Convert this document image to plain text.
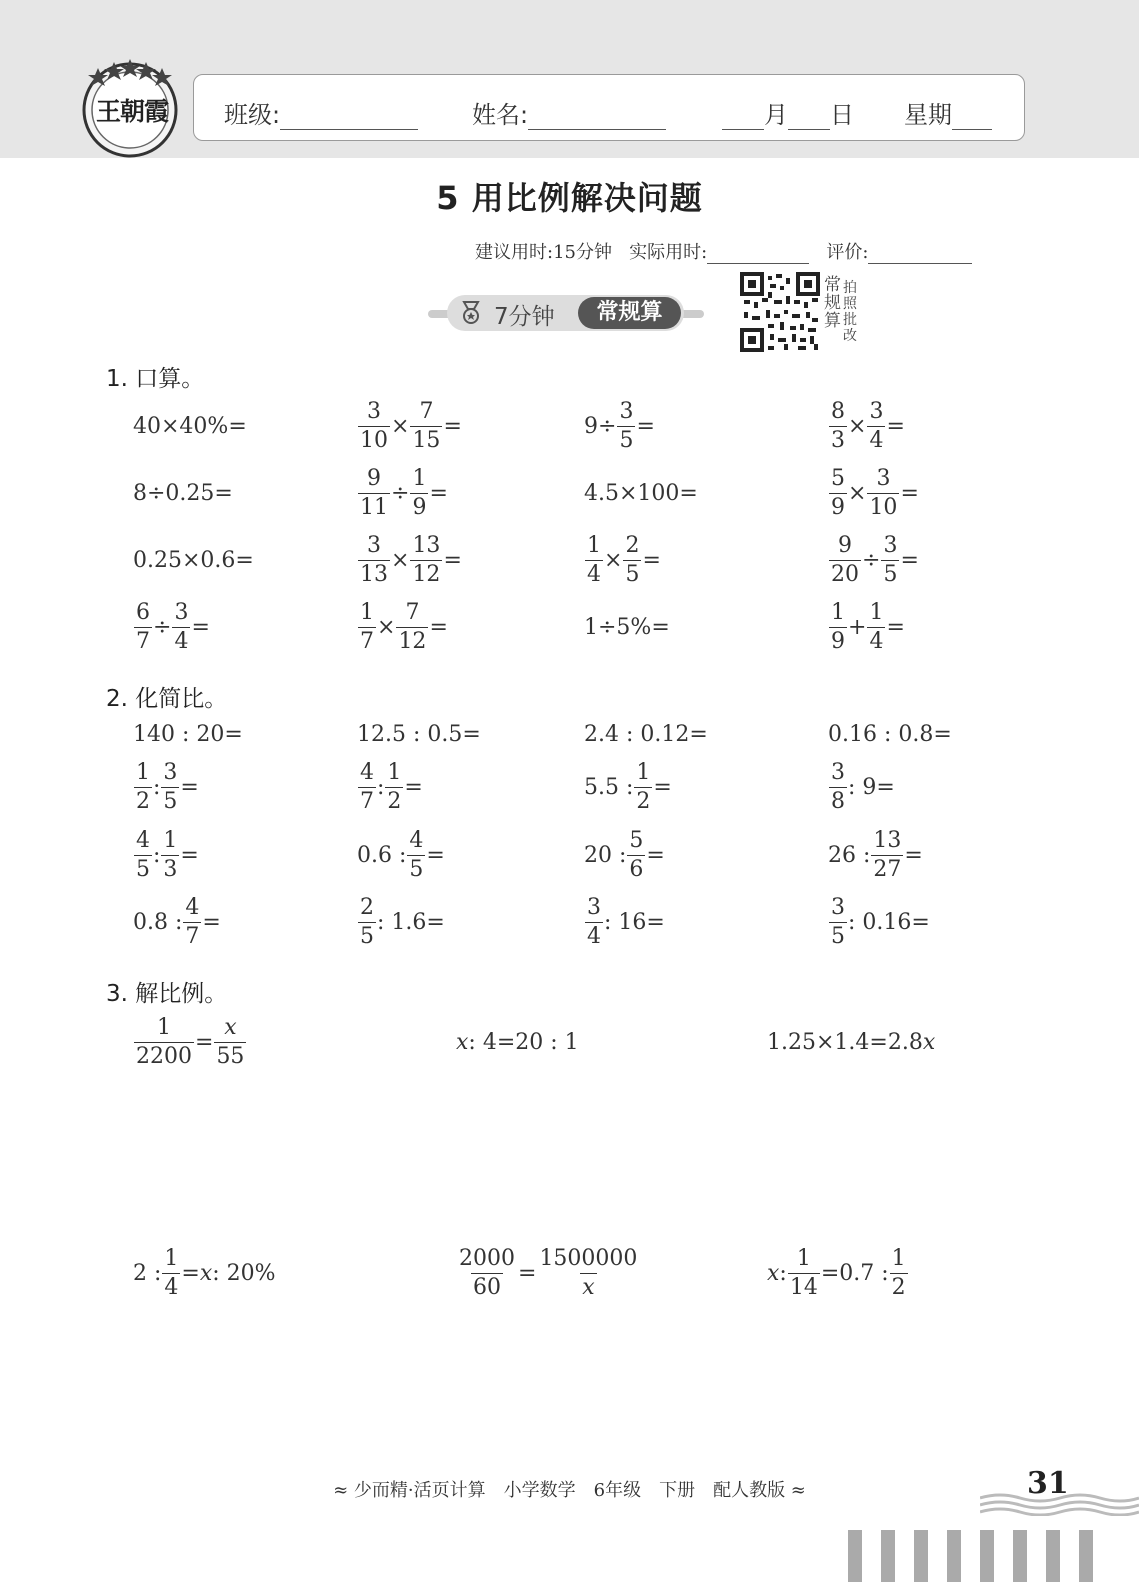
王朝霞 班级:	姓名:	月 日 星期
5 用比例解决问题
建议用时:15分钟 实际用时:	评价:
7分钟	常规算
常规算
拍照批改
1. 口算。
40×40%=	$\frac{3}{10} \times \frac{7}{15}$ =	$9\div \frac{3}{5}$ =	$\frac{8}{3} \times \frac{3}{4}$ =
8÷0.25=	$\frac{9}{11} \div \frac{1}{9}$ =	4.5×100=	$\frac{5}{9} \times \frac{3}{10}$ =
0.25×0.6=	$\frac{3}{13} \times \frac{13}{12}$ =	$\frac{1}{4} \times \frac{2}{5}$ =	$\frac{9}{20} \div \frac{3}{5}$ =
$\frac{6}{7} \div \frac{3}{4}$ =	$\frac{1}{7} \times \frac{7}{12}$ =	1÷5%=	$\frac{1}{9} + \frac{1}{4}$ =
2. 化简比。
140 : 20=	12.5 : 0.5=	2.4 : 0.12=	0.16 : 0.8=
$\frac{1}{2}$ : $\frac{3}{5}$ =	$\frac{4}{7}$ : $\frac{1}{2}$ =	5.5 : $\frac{1}{2}$ =	$\frac{3}{8}$ : 9=
$\frac{4}{5}$ : $\frac{1}{3}$ =	0.6 : $\frac{4}{5}$ =	20 : $\frac{5}{6}$ =	26 : $\frac{13}{27}$ =
0.8 : $\frac{4}{7}$ =	$\frac{2}{5}$ : 1.6=	$\frac{3}{4}$ : 16=	$\frac{3}{5}$ : 0.16=
3. 解比例。
$\frac{1}{2200} = \frac{x}{55}$	x : 4=20 : 1	1.25×1.4=2.8 x
2 : $\frac{1}{4} = x$ : 20%	$\frac{2000}{60} = \frac{1500000}{x}$	x : $\frac{1}{14} =0.7$ : $\frac{1}{2}$
≈ 少而精·活页计算　小学数学　6年级　下册　配人教版 ≈	31
